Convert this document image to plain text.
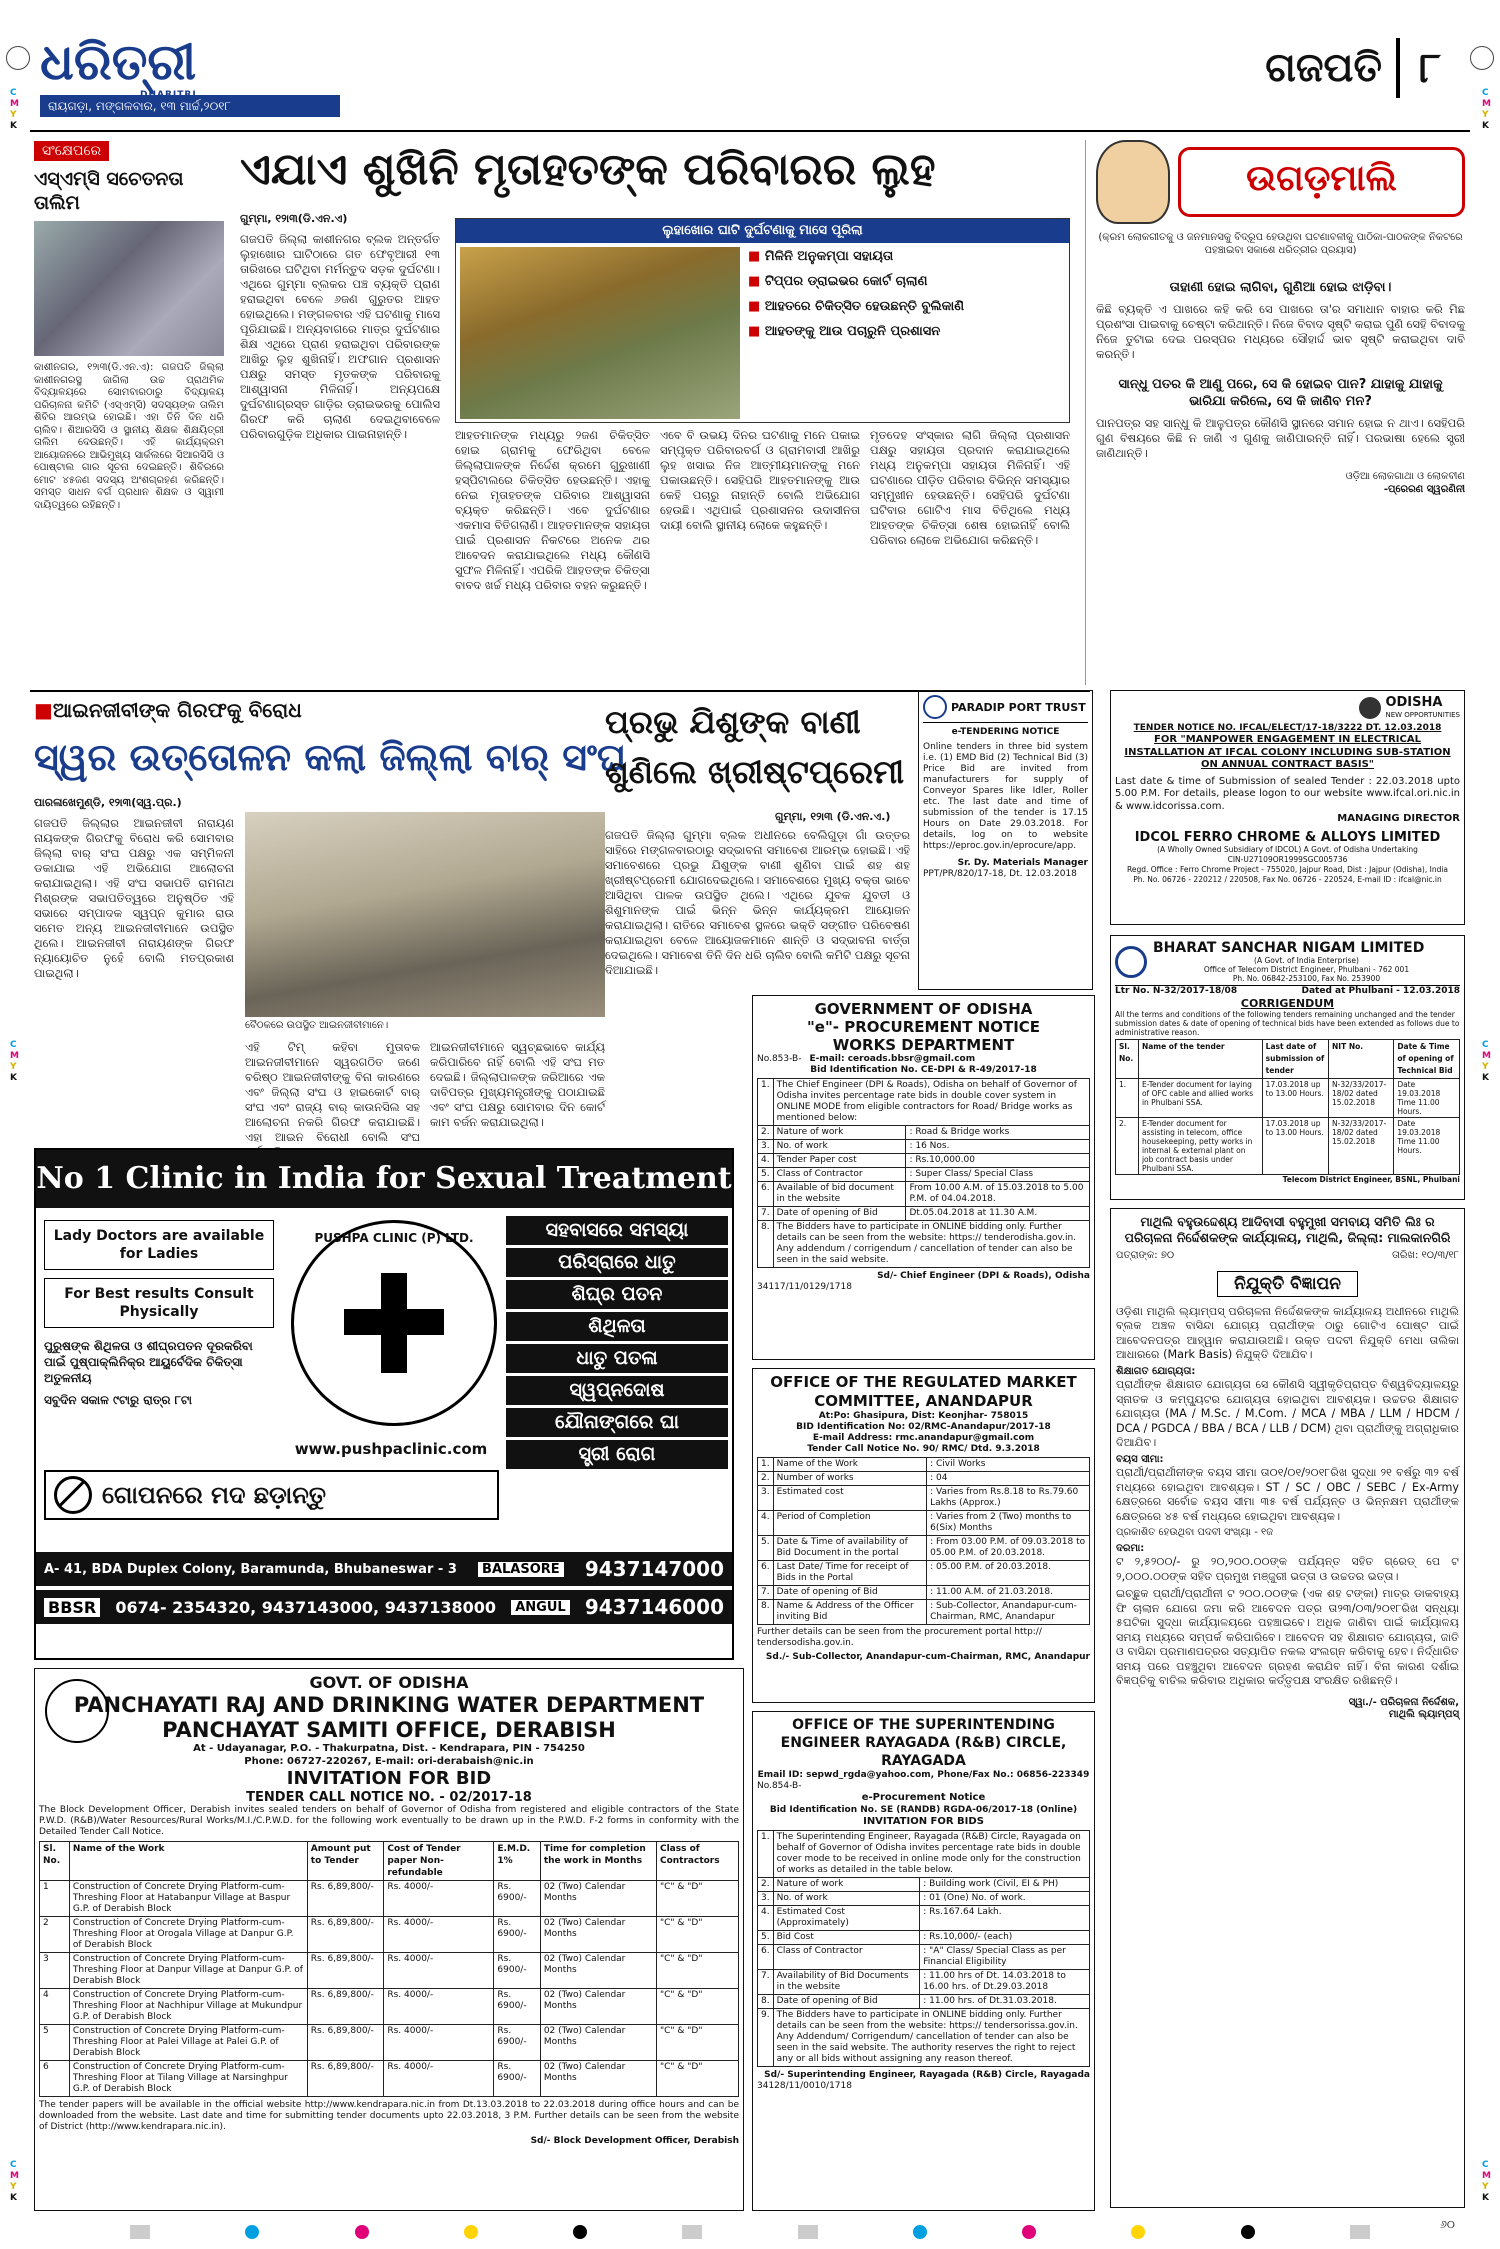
C
M
Y
K
C
M
Y
K
C
M
Y
K
C
M
Y
K
C
M
Y
K
C
M
Y
K
ଧରିତ୍ରୀ
ରାୟଗଡ଼ା, ମଙ୍ଗଳବାର, ୧୩ ମାର୍ଚ୍ଚ,୨୦୧୮
ଗଜପତି ୮
ସଂକ୍ଷେପରେ
ଏସ୍‌ଏମ୍‌ସି ସଚେତନତା ତାଲିମ
କାଶୀନଗର, ୧୨ା୩(ଡି.ଏନ.ଏ): ଗଜପତି ଜିଲ୍ଲା କାଶୀନଗରସ୍ଥ ଜାଗିଲା ଉଚ୍ଚ ପ୍ରାଥମିକ ବିଦ୍ୟାଳୟରେ ସୋମବାରଠାରୁ ବିଦ୍ୟାଳୟ ପରିଚାଳନା କମିଟି (ଏସ୍‌ଏମ୍‌ସି) ସଦସ୍ୟଙ୍କ ତାଲିମ ଶିବିର ଆରମ୍ଭ ହୋଇଛି। ଏହା ତିନି ଦିନ ଧରି ଚାଲିବ। ଶିଆରସିସି ଓ ସ୍ଥାନୀୟ ଶିକ୍ଷକ ଶିକ୍ଷୟିତ୍ରୀ ତାଲିମ ଦେଉଛନ୍ତି। ଏହି କାର୍ଯ୍ୟକ୍ରମ ଆୟୋଜନରେ ଆଭିମୁଖ୍ୟ ସାର୍କଲରେ ସିଆରସିସି ଓ ପୋଷ୍ଟାଲ ଗାର ସୂଚନା ଦେଇଛନ୍ତି। ଶିବିରରେ ମୋଟ ୪୫ଜଣ ସଦସ୍ୟ ଅଂଶଗ୍ରହଣ କରିଛନ୍ତି। ସମସ୍ତ ସାଧନ ବର୍ଗ ପ୍ରଧାନ ଶିକ୍ଷକ ଓ ସ୍ୱାମୀ ଦାୟିତ୍ୱରେ ରହିଛନ୍ତି।
ଏଯାଏ ଶୁଖିନି ମୃତାହତଙ୍କ ପରିବାରର ଲୁହ
ଗୁମ୍ମା, ୧୨ା୩(ଡି.ଏନ.ଏ)
ଗଜପତି ଜିଲ୍ଲା କାଶୀନଗର ବ୍ଲକ ଅନ୍ତର୍ଗତ ଲୁହାଖୋର ଘାଟିଠାରେ ଗତ ଫେବୃଆରୀ ୧୩ ତାରିଖରେ ଘଟିଥିବା ମର୍ମନ୍ତୁଦ ସଡ଼କ ଦୁର୍ଘଟଣା। ଏଥିରେ ଗୁମ୍ମା ବ୍ଲକର ପଞ୍ଚ ବ୍ୟକ୍ତି ପ୍ରାଣ ହରାଇଥିବା ବେଳେ ୬ଜଣ ଗୁରୁତର ଆହତ ହୋଇଥିଲେ। ମଙ୍ଗଳବାର ଏହି ଘଟଣାକୁ ମାସେ ପୂରିଯାଇଛି। ଅନ୍ୟବାଗରେ ମାତ୍ର ଦୁର୍ଘଟଣାର ଶିକ୍ଷ ଏଥିରେ ପ୍ରାଣ ହରାଇଥିବା ପରିବାରଙ୍କ ଆଖିରୁ ଲୁହ ଶୁଖିନାହିଁ। ଅଫଗାନ ପ୍ରଶାସନ ପକ୍ଷରୁ ସମସ୍ତ ମୃତକଙ୍କ ପରିବାରକୁ ଆଶ୍ୱାସନା ମିଳିନାହିଁ। ଅନ୍ୟପକ୍ଷେ ଦୁର୍ଘଟଣାଗ୍ରସ୍ତ ଗାଡ଼ିର ଡ୍ରାଇଭରକୁ ପୋଲିସ ଗିରଫ କରି ଚାଲାଣ ଦେଇଥିବାବେଳେ ପରିବାରଗୁଡ଼ିକ ଅଧିକାର ପାଇନାହାନ୍ତି।
ଲୁହାଖୋର ଘାଟି ଦୁର୍ଘଟଣାକୁ ମାସେ ପୂରିଲା
■ ମିଳିନି ଅନୁକମ୍ପା ସହାୟତା
■ ଟିପ୍ପର ଡ୍ରାଇଭର କୋର୍ଟ ଚାଲାଣ
■ ଆହତରେ ଚିକିତ୍ସିତ ହେଉଛନ୍ତି ବୁଲିକାଣି
■ ଆହତଙ୍କୁ ଆଉ ପଚାରୁନି ପ୍ରଶାସନ
ଆହତମାନଙ୍କ ମଧ୍ୟରୁ ୨ଜଣ ଚିକିତ୍ସିତ ହୋଇ ଗ୍ରାମକୁ ଫେରିଥିବା ବେଳେ ଜିଲ୍ଲାପାଳଙ୍କ ନିର୍ଦ୍ଦେଶ କ୍ରମେ ଗୁରୁଖାଣୀ ହସ୍ପିଟାଲରେ ଚିକିତ୍ସିତ ହେଉଛନ୍ତି। ଏହାକୁ ନେଇ ମୃତାହତଙ୍କ ପରିବାର ଆଶ୍ୱାସନା ବ୍ୟକ୍ତ କରିଛନ୍ତି। ଏବେ ଦୁର୍ଘଟଣାର ଏକମାସ ବିତିଗଲାଣି। ଆହତମାନଙ୍କ ସହାୟତା ପାଇଁ ପ୍ରଶାସନ ନିକଟରେ ଅନେକ ଥର ଆବେଦନ କରାଯାଇଥିଲେ ମଧ୍ୟ କୌଣସି ସୁଫଳ ମିଳିନାହିଁ। ଏପରିକି ଆହତଙ୍କ ଚିକିତ୍ସା ବାବଦ ଖର୍ଚ୍ଚ ମଧ୍ୟ ପରିବାର ବହନ କରୁଛନ୍ତି।
ଏବେ ବି ଉଭୟ ଦିନର ଘଟଣାକୁ ମନେ ପକାଇ ସମ୍ପୃକ୍ତ ପରିବାରବର୍ଗ ଓ ଗ୍ରାମବାସୀ ଆଖିରୁ ଲୁହ ଖସାଇ ନିଜ ଆତ୍ମୀୟମାନଙ୍କୁ ମନେ ପକାଉଛନ୍ତି। ସେହିପରି ଆହତମାନଙ୍କୁ ଆଉ କେହି ପଚାରୁ ନାହାନ୍ତି ବୋଲି ଅଭିଯୋଗ ହେଉଛି। ଏଥିପାଇଁ ପ୍ରଶାସନର ଉଦାସୀନତା ଦାୟୀ ବୋଲି ସ୍ଥାନୀୟ ଲୋକେ କହୁଛନ୍ତି।
ମୃତଦେହ ସଂସ୍କାର ଲାଗି ଜିଲ୍ଲା ପ୍ରଶାସନ ପକ୍ଷରୁ ସହାୟତା ପ୍ରଦାନ କରାଯାଇଥିଲେ ମଧ୍ୟ ଅନୁକମ୍ପା ସହାୟତା ମିଳିନାହିଁ। ଏହି ଘଟଣାରେ ପୀଡ଼ିତ ପରିବାର ବିଭିନ୍ନ ସମସ୍ୟାର ସମ୍ମୁଖୀନ ହେଉଛନ୍ତି। ସେହିପରି ଦୁର୍ଘଟଣା ଘଟିବାର ଗୋଟିଏ ମାସ ବିତିଥିଲେ ମଧ୍ୟ ଆହତଙ୍କ ଚିକିତ୍ସା ଶେଷ ହୋଇନାହିଁ ବୋଲି ପରିବାର ଲୋକେ ଅଭିଯୋଗ କରିଛନ୍ତି।
ଉଗଡ଼ମାଲି
(କ୍ରମ ଲୋକଗୀତକୁ ଓ ଜନମାନସକୁ ବିଦ୍ରୂପ ହେଉଥିବା ଘଟଣାବଳୀକୁ ପାଠିକା-ପାଠକଙ୍କ ନିକଟରେ ପହଞ୍ଚାଇବା ସକାଶେ ଧରିତ୍ରୀର ପ୍ରୟାସ)
ତାହାଣୀ ହୋଇ ଲାଗିବା, ଗୁଣିଆ ହୋଇ ଝାଡ଼ିବା।
କିଛି ବ୍ୟକ୍ତି ଏ ପାଖରେ କହି କରି ସେ ପାଖରେ ତା'ର ସମାଧାନ ବାହାର କରି ମିଛ ପ୍ରଶଂସା ପାଇବାକୁ ଚେଷ୍ଟା କରିଥାନ୍ତି। ନିଜେ ବିବାଦ ସୃଷ୍ଟି କରାଇ ପୁଣି ସେହି ବିବାଦକୁ ନିଜେ ତୁଟାଇ ଦେଇ ପରସ୍ପର ମଧ୍ୟରେ ସୌହାର୍ଦ୍ଦ ଭାବ ସୃଷ୍ଟି କରାଇଥିବା ଦାବି କରନ୍ତି।
ସାନ୍ଧୁ ପତର କି ଆଣୁ ପରେ, ସେ କି ହୋଇବ ପାନ? ଯାହାକୁ ଯାହାକୁ ଭାରିଯା କରିଲେ, ସେ କି ଜାଣିବ ମନ?
ପାନପତ୍ର ସହ ସାନ୍ଧୁ କି ଆଳୁପତ୍ର କୌଣସି ସ୍ଥାନରେ ସମାନ ହୋଇ ନ ଥାଏ। ସେହିପରି ଗୁଣ ବିଷୟରେ କିଛି ନ ଜାଣି ଏ ଗୁଣକୁ ଜାଣିପାରନ୍ତି ନାହିଁ। ପରଭାଷା ହେଲେ ସ୍ତ୍ରୀ ଜାଣିଥାନ୍ତି।
ଓଡ଼ିଆ ଲୋକଗାଥା ଓ ଲୋକବୀଣ
-ପ୍ରେରଣ ସ୍ୱରଣିନୀ
■ଆଇନଜୀବୀଙ୍କ ଗିରଫକୁ ବିରୋଧ
ସ୍ୱର ଉତ୍ତୋଳନ କଲା ଜିଲ୍ଲା ବାର୍ ସଂଘ
ପାରଳାଖେମୁଣ୍ଡି, ୧୨ା୩(ସ୍ୱ.ପ୍ର.)
ଗଜପତି ଜିଲ୍ଲାର ଆଇନଜୀବୀ ନାରାୟଣ ନାୟକଙ୍କ ଗିରଫକୁ ବିରୋଧ କରି ସୋମବାର ଜିଲ୍ଲା ବାର୍ ସଂଘ ପକ୍ଷରୁ ଏକ ସମ୍ମିଳନୀ ଡକାଯାଇ ଏହି ଅଭିଯୋଗ ଆଲୋଚନା କରାଯାଇଥିଲା। ଏହି ସଂଘ ସଭାପତି ରାମନାଥ ମିଶ୍ରଙ୍କ ସଭାପତିତ୍ୱରେ ଅନୁଷ୍ଠିତ ଏହି ସଭାରେ ସମ୍ପାଦକ ସ୍ୱପ୍ନ କୁମାର ରାଉ ସମେତ ଅନ୍ୟ ଆଇନଜୀବୀମାନେ ଉପସ୍ଥିତ ଥିଲେ। ଆଇନଜୀବୀ ନାରାୟଣଙ୍କ ଗିରଫ ନ୍ୟାୟୋଚିତ ନୁହେଁ ବୋଲି ମତପ୍ରକାଶ ପାଇଥିଲା।
ବୈଠକରେ ଉପସ୍ଥିତ ଆଇନଜୀବୀମାନେ।
ଏହି ଟିମ୍ କହିବା ମୁତାବକ ଆଇନଜୀବୀମାନେ ସ୍ୱରଗଠିତ ଜଣେ ବରିଷ୍ଠ ଆଇନଜୀବୀଙ୍କୁ ବିନା କାରଣରେ ଏବଂ ଜିଲ୍ଲା ସଂଘ ଓ ହାଇକୋର୍ଟ ବାର୍ ସଂଘ ଏବଂ ରାଜ୍ୟ ବାର୍ କାଉନସିଲ ସହ ଆଲୋଚନା ନକରି ଗିରଫ କରାଯାଇଛି। ଏହା ଆଇନ ବିରୋଧୀ ବୋଲି ସଂଘ
ଆଇନଜୀବୀମାନେ ସ୍ୱଚ୍ଛଭାବେ କାର୍ଯ୍ୟ କରିପାରିବେ ନାହିଁ ବୋଲି ଏହି ସଂଘ ମତ ଦେଇଛି। ଜିଲ୍ଲାପାଳଙ୍କ ଜରିଆରେ ଏକ ଦାବିପତ୍ର ମୁଖ୍ୟମନ୍ତ୍ରୀଙ୍କୁ ପଠାଯାଇଛି ଏବଂ ସଂଘ ପକ୍ଷରୁ ସୋମବାର ଦିନ କୋର୍ଟ କାମ ବର୍ଜନ କରାଯାଇଥିଲା।
ପ୍ରଭୁ ଯିଶୁଙ୍କ ବାଣୀ
ଶୁଣିଲେ ଖ୍ରୀଷ୍ଟପ୍ରେମୀ
ଗୁମ୍ମା, ୧୨ା୩ (ଡି.ଏନ.ଏ.)
ଗଜପତି ଜିଲ୍ଲା ଗୁମ୍ମା ବ୍ଲକ ଅଧୀନରେ ବେଲିଗୁଡ଼ା ଗାଁ ଉତ୍ତର ସାହିରେ ମଙ୍ଗଳବାରଠାରୁ ସଦ୍ଭାବନା ସମାବେଶ ଆରମ୍ଭ ହୋଇଛି। ଏହି ସମାବେଶରେ ପ୍ରଭୁ ଯିଶୁଙ୍କ ବାଣୀ ଶୁଣିବା ପାଇଁ ଶହ ଶହ ଖ୍ରୀଷ୍ଟପ୍ରେମୀ ଯୋଗଦେଇଥିଲେ। ସମାବେଶରେ ମୁଖ୍ୟ ବକ୍ତା ଭାବେ ଆସିଥିବା ପାଳକ ଉପସ୍ଥିତ ଥିଲେ। ଏଥିରେ ଯୁବକ ଯୁବତୀ ଓ ଶିଶୁମାନଙ୍କ ପାଇଁ ଭିନ୍ନ ଭିନ୍ନ କାର୍ଯ୍ୟକ୍ରମ ଆୟୋଜନ କରାଯାଇଥିଲା। ରାତିରେ ସମାବେଶ ସ୍ଥଳରେ ଭକ୍ତି ସଙ୍ଗୀତ ପରିବେଷଣ କରାଯାଇଥିବା ବେଳେ ଆୟୋଜକମାନେ ଶାନ୍ତି ଓ ସଦ୍ଭାବନା ବାର୍ତ୍ତା ଦେଇଥିଲେ। ସମାବେଶ ତିନି ଦିନ ଧରି ଚାଲିବ ବୋଲି କମିଟି ପକ୍ଷରୁ ସୂଚନା ଦିଆଯାଇଛି।
PARADIP PORT TRUST
e-TENDERING NOTICE
Online tenders in three bid system i.e. (1) EMD Bid (2) Technical Bid (3) Price Bid are invited from manufacturers for supply of Conveyor Spares like Idler, Roller etc. The last date and time of submission of the tender is 17.15 Hours on Date 29.03.2018. For details, log on to website https://eproc.gov.in/eprocure/app.
Sr. Dy. Materials Manager
PPT/PR/820/17-18, Dt. 12.03.2018
ODISHA
NEW OPPORTUNITIES
TENDER NOTICE NO. IFCAL/ELECT/17-18/3222 DT. 12.03.2018
FOR "MANPOWER ENGAGEMENT IN ELECTRICAL INSTALLATION AT IFCAL COLONY INCLUDING SUB-STATION ON ANNUAL CONTRACT BASIS"
Last date & time of Submission of sealed Tender : 22.03.2018 upto 5.00 P.M. For details, please logon to our website www.ifcal.ori.nic.in & www.idcorissa.com.
MANAGING DIRECTOR
IDCOL FERRO CHROME & ALLOYS LIMITED
(A Wholly Owned Subsidiary of IDCOL) A Govt. of Odisha Undertaking
CIN-U27109OR1999SGC005736
Regd. Office : Ferro Chrome Project - 755020, Jajpur Road, Dist : Jajpur (Odisha), India
Ph. No. 06726 - 220212 / 220508, Fax No. 06726 - 220524, E-mail ID : ifcal@nic.in
GOVERNMENT OF ODISHA
"e"- PROCUREMENT NOTICE
WORKS DEPARTMENT
No.853-B- E-mail: ceroads.bbsr@gmail.com
Bid Identification No. CE-DPI & R-49/2017-18
1.	The Chief Engineer (DPI & Roads), Odisha on behalf of Governor of Odisha invites percentage rate bids in double cover system in ONLINE MODE from eligible contractors for Road/ Bridge works as mentioned below:	
2.	Nature of work	: Road & Bridge works
3.	No. of work	: 16 Nos.
4.	Tender Paper cost	: Rs.10,000.00
5.	Class of Contractor	: Super Class/ Special Class
6.	Available of bid document in the website	From 10.00 A.M. of 15.03.2018 to 5.00 P.M. of 04.04.2018.
7.	Date of opening of Bid	Dt.05.04.2018 at 11.30 A.M.
8.	The Bidders have to participate in ONLINE bidding only. Further details can be seen from the website: https:// tenderodisha.gov.in. Any addendum / corrigendum / cancellation of tender can also be seen in the said website.	
Sd/- Chief Engineer (DPI & Roads), Odisha
34117/11/0129/1718
BHARAT SANCHAR NIGAM LIMITED
(A Govt. of India Enterprise)
Office of Telecom District Engineer, Phulbani - 762 001
Ph. No. 06842-253100, Fax No. 253900
Ltr No. N-32/2017-18/08	Dated at Phulbani - 12.03.2018
CORRIGENDUM
All the terms and conditions of the following tenders remaining unchanged and the tender submission dates & date of opening of technical bids have been extended as follows due to administrative reason.
Sl. No.	Name of the tender	Last date of submission of tender	NIT No.	Date & Time of opening of Technical Bid
1.	E-Tender document for laying of OFC cable and allied works in Phulbani SSA.	17.03.2018 up to 13.00 Hours.	N-32/33/2017-18/02 dated 15.02.2018	Date 19.03.2018 Time 11.00 Hours.
2.	E-Tender document for assisting in telecom, office housekeeping, petty works in internal & external plant on job contract basis under Phulbani SSA.	17.03.2018 up to 13.00 Hours.	N-32/33/2017-18/02 dated 15.02.2018	Date 19.03.2018 Time 11.00 Hours.
Telecom District Engineer, BSNL, Phulbani
ମାଥିଲି ବହୁଉଦ୍ଦେଶ୍ୟ ଆଦିବାସୀ ବହୁମୁଖୀ ସମବାୟ ସମିତି ଲିଃ ର ପରିଚାଳନା ନିର୍ଦ୍ଦେଶକଙ୍କ କାର୍ଯ୍ୟାଳୟ, ମାଥିଲି, ଜିଲ୍ଲା: ମାଲକାନଗିରି
ପତ୍ରାଙ୍କ: ୭୦	ତାରିଖ: ୧୦/୩/୧୮
ନିଯୁକ୍ତି ବିଜ୍ଞାପନ
ଓଡ଼ିଶା ମାଥିଲି ଲ୍ୟାମ୍‌ପସ୍‌ ପରିଚାଳନା ନିର୍ଦ୍ଦେଶକଙ୍କ କାର୍ଯ୍ୟାଳୟ ଅଧୀନରେ ମାଥିଲି ବ୍ଲକ ଅଞ୍ଚଳ ବାସିନ୍ଦା ଯୋଗ୍ୟ ପ୍ରାର୍ଥୀଙ୍କ ଠାରୁ ଗୋଟିଏ ପୋଷ୍ଟ ପାଇଁ ଆବେଦନପତ୍ର ଆହ୍ୱାନ କରାଯାଉଅଛି। ଉକ୍ତ ପଦବୀ ନିଯୁକ୍ତି ମେଧା ତାଲିକା ଆଧାରରେ (Mark Basis) ନିଯୁକ୍ତି ଦିଆଯିବ।
ଶିକ୍ଷାଗତ ଯୋଗ୍ୟତା:
ପ୍ରାର୍ଥୀଙ୍କ ଶିକ୍ଷାଗତ ଯୋଗ୍ୟତା ସେ କୌଣସି ସ୍ୱୀକୃତିପ୍ରାପ୍ତ ବିଶ୍ୱବିଦ୍ୟାଳୟରୁ ସ୍ନାତକ ଓ କମ୍ପ୍ୟୁଟର ଯୋଗ୍ୟତା ହୋଇଥିବା ଆବଶ୍ୟକ। ଉଚ୍ଚତର ଶିକ୍ଷାଗତ ଯୋଗ୍ୟତା (MA / M.Sc. / M.Com. / MCA / MBA / LLM / HDCM / DCA / PGDCA / BBA / BCA / LLB / DCM) ଥିବା ପ୍ରାର୍ଥୀଙ୍କୁ ଅଗ୍ରାଧିକାର ଦିଆଯିବ।
ବୟସ ସୀମା:
ପ୍ରାର୍ଥୀ/ପ୍ରାର୍ଥୀନୀଙ୍କ ବୟସ ସୀମା ତା୦୧/୦୧/୨୦୧୮ରିଖ ସୁଦ୍ଧା ୨୧ ବର୍ଷରୁ ୩୨ ବର୍ଷ ମଧ୍ୟରେ ହୋଇଥିବା ଆବଶ୍ୟକ। ST / SC / OBC / SEBC / Ex-Army କ୍ଷେତ୍ରରେ ସର୍ବୋଚ୍ଚ ବୟସ ସୀମା ୩୫ ବର୍ଷ ପର୍ଯ୍ୟନ୍ତ ଓ ଭିନ୍ନକ୍ଷମ ପ୍ରାର୍ଥୀଙ୍କ କ୍ଷେତ୍ରରେ ୪୫ ବର୍ଷ ମଧ୍ୟରେ ହୋଇଥିବା ଆବଶ୍ୟକ।
ପ୍ରକାଶିତ ହେଉଥିବା ପଦବୀ ସଂଖ୍ୟା - ୧ଜ
ଦରମା:
ଟ ୨,୫୨୦୦/- ରୁ ୨୦,୨୦୦.୦୦ଙ୍କ ପର୍ଯ୍ୟନ୍ତ ସହିତ ଗ୍ରେଡ୍ ପେ ଟ ୨,୦୦୦.୦୦ଙ୍କ ସହିତ ପ୍ରମୁଖ ମଞ୍ଜୁରୀ ଭତ୍ତା ଓ ଉଚ୍ଚତର ଭତ୍ତା।
ଇଚ୍ଛୁକ ପ୍ରାର୍ଥୀ/ପ୍ରାର୍ଥୀନୀ ଟ ୨୦୦.୦୦ଙ୍କ (ଏକ ଶହ ଟଙ୍କା) ମାତ୍ର ଡାକବାହ୍ୟ ଫି ଚାଲାନ ଯୋଗେ ଜମା କରି ଆବେଦନ ପତ୍ର ତା୨୩/୦୩/୨୦୧୮ରିଖ ସନ୍ଧ୍ୟା ୫ଘଟିକା ସୁଦ୍ଧା କାର୍ଯ୍ୟାଳୟରେ ପହଞ୍ଚାଇବେ। ଅଧିକ ଜାଣିବା ପାଇଁ କାର୍ଯ୍ୟାଳୟ ସମୟ ମଧ୍ୟରେ ସମ୍ପର୍କ କରିପାରିବେ। ଆବେଦନ ସହ ଶିକ୍ଷାଗତ ଯୋଗ୍ୟତା, ଜାତି ଓ ବାସିନ୍ଦା ପ୍ରମାଣପତ୍ରର ସତ୍ୟାପିତ ନକଲ ସଂଲଗ୍ନ କରିବାକୁ ହେବ। ନିର୍ଦ୍ଧାରିତ ସମୟ ପରେ ପହଞ୍ଚୁଥିବା ଆବେଦନ ଗ୍ରହଣ କରାଯିବ ନାହିଁ। ବିନା କାରଣ ଦର୍ଶାଇ ବିଜ୍ଞପ୍ତିକୁ ବାତିଲ କରିବାର ଅଧିକାର କର୍ତ୍ତୃପକ୍ଷ ସଂରକ୍ଷିତ ରଖିଛନ୍ତି।
ସ୍ୱା./- ପରିଚାଳନା ନିର୍ଦ୍ଦେଶକ,
ମାଥିଲି ଲ୍ୟାମ୍‌ପସ୍
No 1 Clinic in India for Sexual Treatment
Lady Doctors are available for Ladies
For Best results Consult Physically
ପୁରୁଷଙ୍କ ଶିଥିଳତା ଓ ଶୀଘ୍ରପତନ ଦୂରକରିବା ପାଇଁ ପୁଷ୍ପାକ୍ଲିନିକ୍ର ଆୟୁର୍ବେଦିକ ଚିକିତ୍ସା ଅତୁଳନୀୟ
ସବୁଦିନ ସକାଳ ୯ଟାରୁ ରାତ୍ର ୮ଟା
PUSHPA CLINIC (P) LTD.
www.pushpaclinic.com
ସହବାସରେ ସମସ୍ୟା
ପରିସ୍ରାରେ ଧାତୁ
ଶିଘ୍ର ପତନ
ଶିଥିଳତା
ଧାତୁ ପତଳା
ସ୍ୱପ୍ନଦୋଷ
ଯୌନାଙ୍ଗରେ ଘା
ସ୍ତ୍ରୀ ରୋଗ
ଗୋପନରେ ମଦ ଛଡ଼ାନ୍ତୁ
A- 41, BDA Duplex Colony, Baramunda, Bhubaneswar - 3	BALASORE 9437147000
BBSR 0674- 2354320, 9437143000, 9437138000	ANGUL 9437146000
OFFICE OF THE REGULATED MARKET COMMITTEE, ANANDAPUR
At:Po: Ghasipura, Dist: Keonjhar- 758015
BID Identification No: 02/RMC-Anandapur/2017-18
E-mail Address: rmc.anandapur@gmail.com
Tender Call Notice No. 90/ RMC/ Dtd. 9.3.2018
1.	Name of the Work	: Civil Works
2.	Number of works	: 04
3.	Estimated cost	: Varies from Rs.8.18 to Rs.79.60 Lakhs (Approx.)
4.	Period of Completion	: Varies from 2 (Two) months to 6(Six) Months
5.	Date & Time of availability of Bid Document in the portal	: From 03.00 P.M. of 09.03.2018 to 05.00 P.M. of 20.03.2018.
6.	Last Date/ Time for receipt of Bids in the Portal	: 05.00 P.M. of 20.03.2018.
7.	Date of opening of Bid	: 11.00 A.M. of 21.03.2018.
8.	Name & Address of the Officer inviting Bid	: Sub-Collector, Anandapur-cum-Chairman, RMC, Anandapur
Further details can be seen from the procurement portal http:// tendersodisha.gov.in.
Sd./- Sub-Collector, Anandapur-cum-Chairman, RMC, Anandapur
GOVT. OF ODISHA
PANCHAYATI RAJ AND DRINKING WATER DEPARTMENT
PANCHAYAT SAMITI OFFICE, DERABISH
At - Udayanagar, P.O. - Thakurpatna, Dist. - Kendrapara, PIN - 754250
Phone: 06727-220267, E-mail: ori-derabaish@nic.in
INVITATION FOR BID
TENDER CALL NOTICE NO. - 02/2017-18
The Block Development Officer, Derabish invites sealed tenders on behalf of Governor of Odisha from registered and eligible contractors of the State P.W.D. (R&B)/Water Resources/Rural Works/M.I./C.P.W.D. for the following work eventually to be drawn up in the P.W.D. F-2 forms in conformity with the Detailed Tender Call Notice.
Sl. No.	Name of the Work	Amount put to Tender	Cost of Tender paper Non-refundable	E.M.D. 1%	Time for completion the work in Months	Class of Contractors
1	Construction of Concrete Drying Platform-cum-Threshing Floor at Hatabanpur Village at Baspur G.P. of Derabish Block	Rs. 6,89,800/-	Rs. 4000/-	Rs. 6900/-	02 (Two) Calendar Months	"C" & "D"
2	Construction of Concrete Drying Platform-cum-Threshing Floor at Orogala Village at Danpur G.P. of Derabish Block	Rs. 6,89,800/-	Rs. 4000/-	Rs. 6900/-	02 (Two) Calendar Months	"C" & "D"
3	Construction of Concrete Drying Platform-cum-Threshing Floor at Danpur Village at Danpur G.P. of Derabish Block	Rs. 6,89,800/-	Rs. 4000/-	Rs. 6900/-	02 (Two) Calendar Months	"C" & "D"
4	Construction of Concrete Drying Platform-cum-Threshing Floor at Nachhipur Village at Mukundpur G.P. of Derabish Block	Rs. 6,89,800/-	Rs. 4000/-	Rs. 6900/-	02 (Two) Calendar Months	"C" & "D"
5	Construction of Concrete Drying Platform-cum-Threshing Floor at Palei Village at Palei G.P. of Derabish Block	Rs. 6,89,800/-	Rs. 4000/-	Rs. 6900/-	02 (Two) Calendar Months	"C" & "D"
6	Construction of Concrete Drying Platform-cum-Threshing Floor at Tilang Village at Narsinghpur G.P. of Derabish Block	Rs. 6,89,800/-	Rs. 4000/-	Rs. 6900/-	02 (Two) Calendar Months	"C" & "D"
The tender papers will be available in the official website http://www.kendrapara.nic.in from Dt.13.03.2018 to 22.03.2018 during office hours and can be downloaded from the website. Last date and time for submitting tender documents upto 22.03.2018, 3 P.M. Further details can be seen from the website of District (http://www.kendrapara.nic.in).
Sd/- Block Development Officer, Derabish
OFFICE OF THE SUPERINTENDING ENGINEER RAYAGADA (R&B) CIRCLE, RAYAGADA
Email ID: sepwd_rgda@yahoo.com, Phone/Fax No.: 06856-223349
No.854-B-
e-Procurement Notice
Bid Identification No. SE (RANDB) RGDA-06/2017-18 (Online)
INVITATION FOR BIDS
1.	The Superintending Engineer, Rayagada (R&B) Circle, Rayagada on behalf of Governor of Odisha invites percentage rate bids in double cover mode to be received in online mode only for the construction of works as detailed in the table below.	
2.	Nature of work	: Building work (Civil, EI & PH)
3.	No. of work	: 01 (One) No. of work.
4.	Estimated Cost (Approximately)	: Rs.167.64 Lakh.
5.	Bid Cost	: Rs.10,000/- (each)
6.	Class of Contractor	: "A" Class/ Special Class as per Financial Eligibility
7.	Availability of Bid Documents in the website	: 11.00 hrs of Dt. 14.03.2018 to 16.00 hrs. of Dt.29.03.2018
8.	Date of opening of Bid	: 11.00 hrs. of Dt.31.03.2018.
9.	The Bidders have to participate in ONLINE bidding only. Further details can be seen from the website: https:// tendersorissa.gov.in. Any Addendum/ Corrigendum/ cancellation of tender can also be seen in the said website. The authority reserves the right to reject any or all bids without assigning any reason thereof.	
Sd/- Superintending Engineer, Rayagada (R&B) Circle, Rayagada
34128/11/0010/1718
୬୦
